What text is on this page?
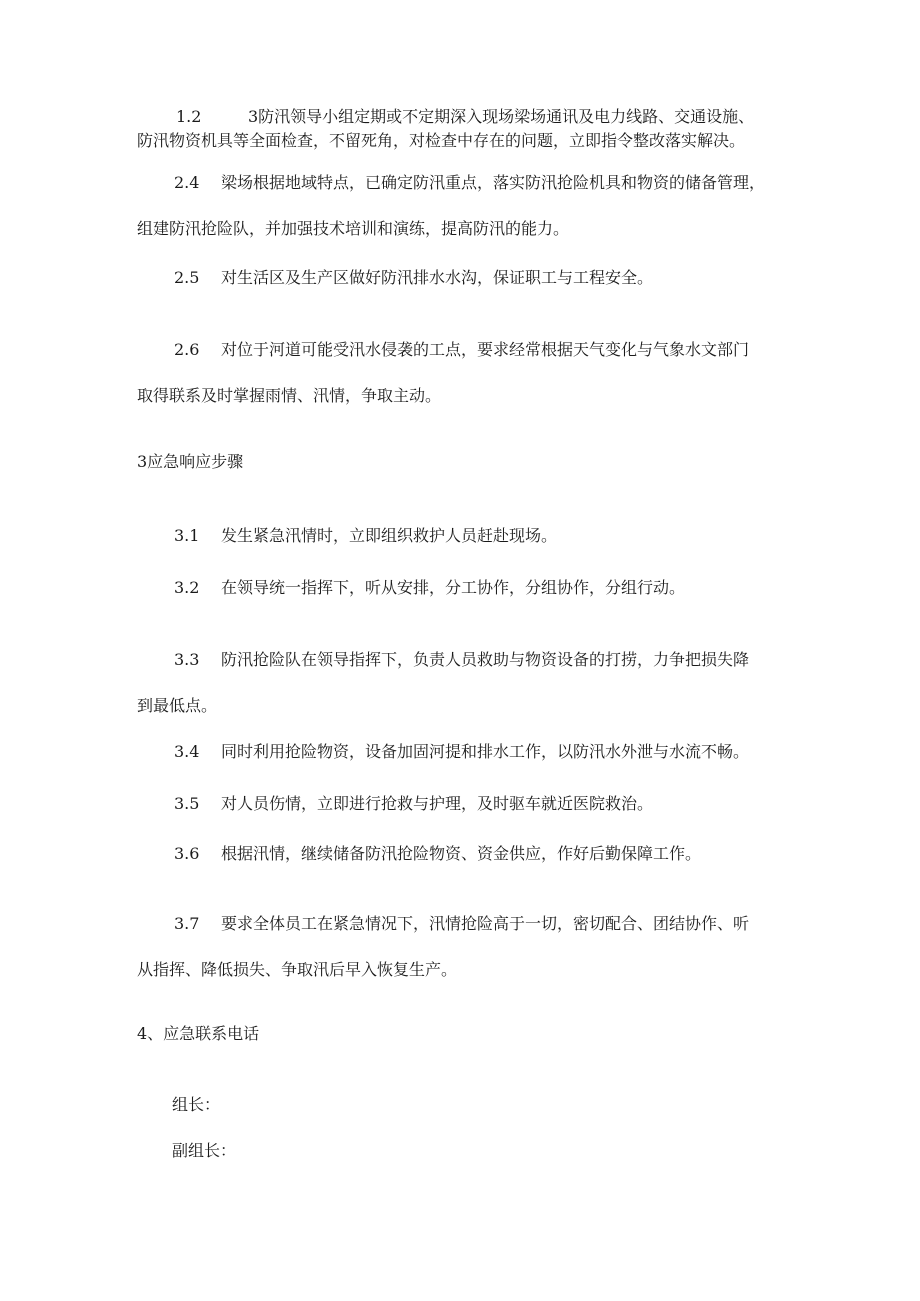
1.2	3防汛领导小组定期或不定期深入现场梁场通讯及电力线路、交通设施、
防汛物资机具等全面检查，不留死角，对检查中存在的问题，立即指令整改落实解决。
2.4 梁场根据地域特点，已确定防汛重点，落实防汛抢险机具和物资的储备管理，
组建防汛抢险队，并加强技术培训和演练，提高防汛的能力。
2.5 对生活区及生产区做好防汛排水水沟，保证职工与工程安全。
2.6 对位于河道可能受汛水侵袭的工点，要求经常根据天气变化与气象水文部门
取得联系及时掌握雨情、汛情，争取主动。
3应急响应步骤
3.1 发生紧急汛情时，立即组织救护人员赶赴现场。
3.2 在领导统一指挥下，听从安排，分工协作，分组协作，分组行动。
3.3 防汛抢险队在领导指挥下，负责人员救助与物资设备的打捞，力争把损失降
到最低点。
3.4 同时利用抢险物资，设备加固河提和排水工作，以防汛水外泄与水流不畅。
3.5 对人员伤情，立即进行抢救与护理，及时驱车就近医院救治。
3.6 根据汛情，继续储备防汛抢险物资、资金供应，作好后勤保障工作。
3.7 要求全体员工在紧急情况下，汛情抢险高于一切，密切配合、团结协作、听
从指挥、降低损失、争取汛后早入恢复生产。
4、应急联系电话
组长：
副组长：
